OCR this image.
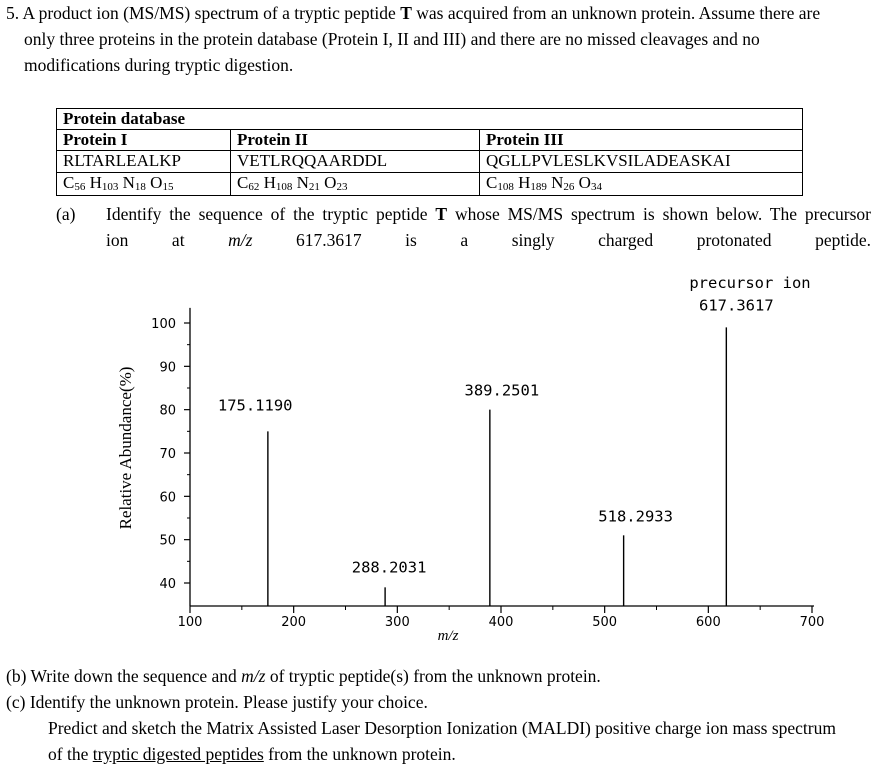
5. A product ion (MS/MS) spectrum of a tryptic peptide T was acquired from an unknown protein. Assume there are
only three proteins in the protein database (Protein I, II and III) and there are no missed cleavages and no
modifications during tryptic digestion.
Protein database
Protein I	Protein II	Protein III
RLTARLEALKP	VETLRQQAARDDL	QGLLPVLESLKVSILADEASKAI
$C_{56}$ $H_{103}$ $N_{18}$ $O_{15}$	$C_{62}$ $H_{108}$ $N_{21}$ $O_{23}$	$C_{108}$ $H_{189}$ $N_{26}$ $O_{34}$
(a) Identify the sequence of the tryptic peptide T whose MS/MS spectrum is shown below. The precursor
ion at m/z 617.3617 is a singly charged protonated peptide.
40
50
60
70
80
90
100
100	200	300	400	500	600	700
175.1190
288.2031
389.2501
518.2933
617.3617
m/z
Relative Abundance(%)
precursor ion
(b) Write down the sequence and m/z of tryptic peptide(s) from the unknown protein.
(c) Identify the unknown protein. Please justify your choice.
Predict and sketch the Matrix Assisted Laser Desorption Ionization (MALDI) positive charge ion mass spectrum
of the tryptic digested peptides from the unknown protein.
